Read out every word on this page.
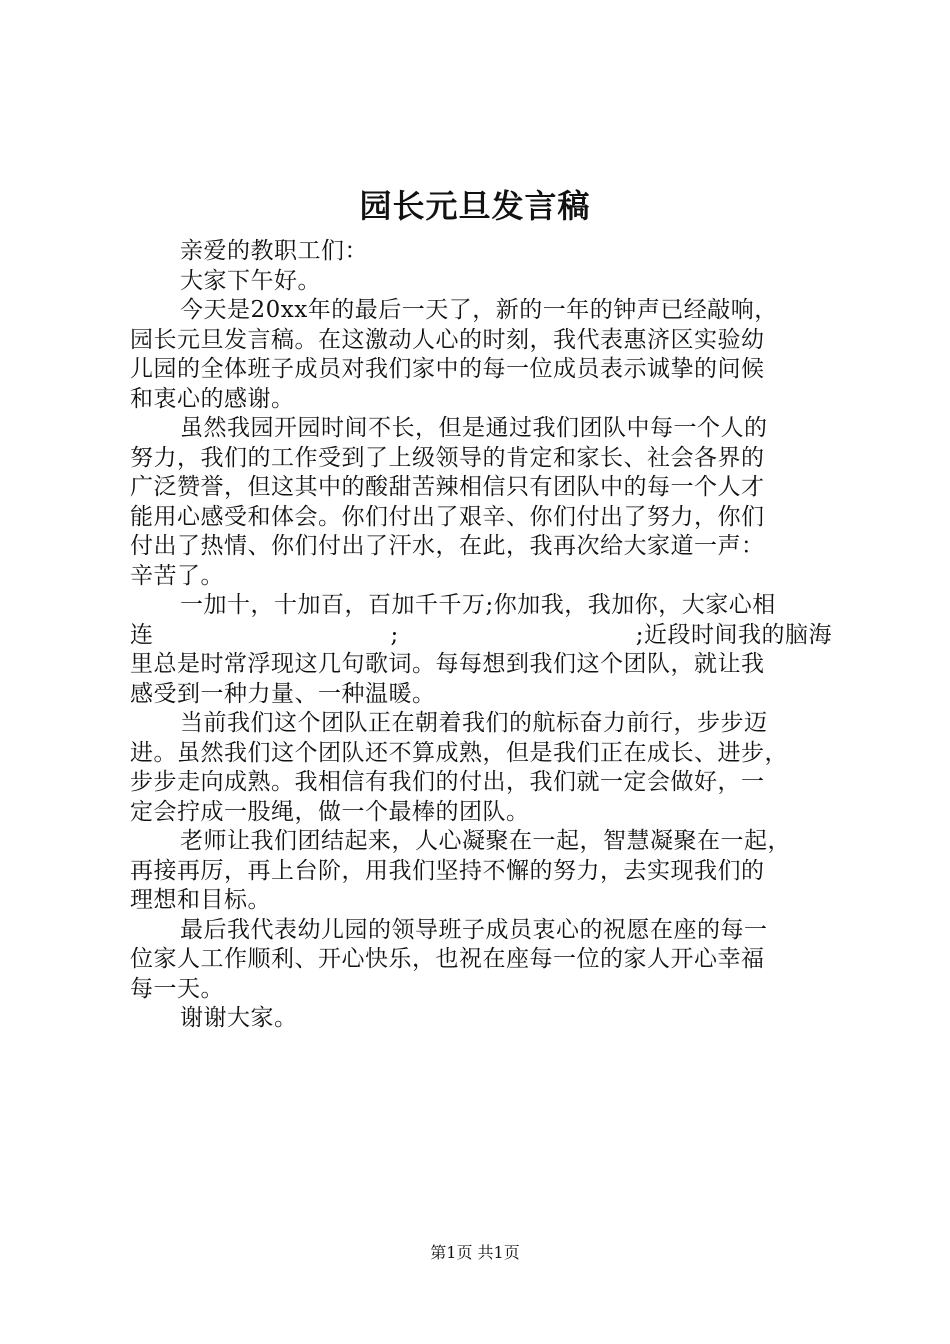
园长元旦发言稿
亲爱的教职工们：
大家下午好。
今天是20xx年的最后一天了，新的一年的钟声已经敲响，
园长元旦发言稿。在这激动人心的时刻，我代表惠济区实验幼
儿园的全体班子成员对我们家中的每一位成员表示诚挚的问候
和衷心的感谢。
虽然我园开园时间不长，但是通过我们团队中每一个人的
努力，我们的工作受到了上级领导的肯定和家长、社会各界的
广泛赞誉，但这其中的酸甜苦辣相信只有团队中的每一个人才
能用心感受和体会。你们付出了艰辛、你们付出了努力，你们
付出了热情、你们付出了汗水，在此，我再次给大家道一声：
辛苦了。
一加十，十加百，百加千千万;你加我，我加你，大家心相
连	;	;近段时间我的脑海
里总是时常浮现这几句歌词。每每想到我们这个团队，就让我
感受到一种力量、一种温暖。
当前我们这个团队正在朝着我们的航标奋力前行，步步迈
进。虽然我们这个团队还不算成熟，但是我们正在成长、进步，
步步走向成熟。我相信有我们的付出，我们就一定会做好，一
定会拧成一股绳，做一个最棒的团队。
老师让我们团结起来，人心凝聚在一起，智慧凝聚在一起，
再接再厉，再上台阶，用我们坚持不懈的努力，去实现我们的
理想和目标。
最后我代表幼儿园的领导班子成员衷心的祝愿在座的每一
位家人工作顺利、开心快乐，也祝在座每一位的家人开心幸福
每一天。
谢谢大家。
第1页 共1页
